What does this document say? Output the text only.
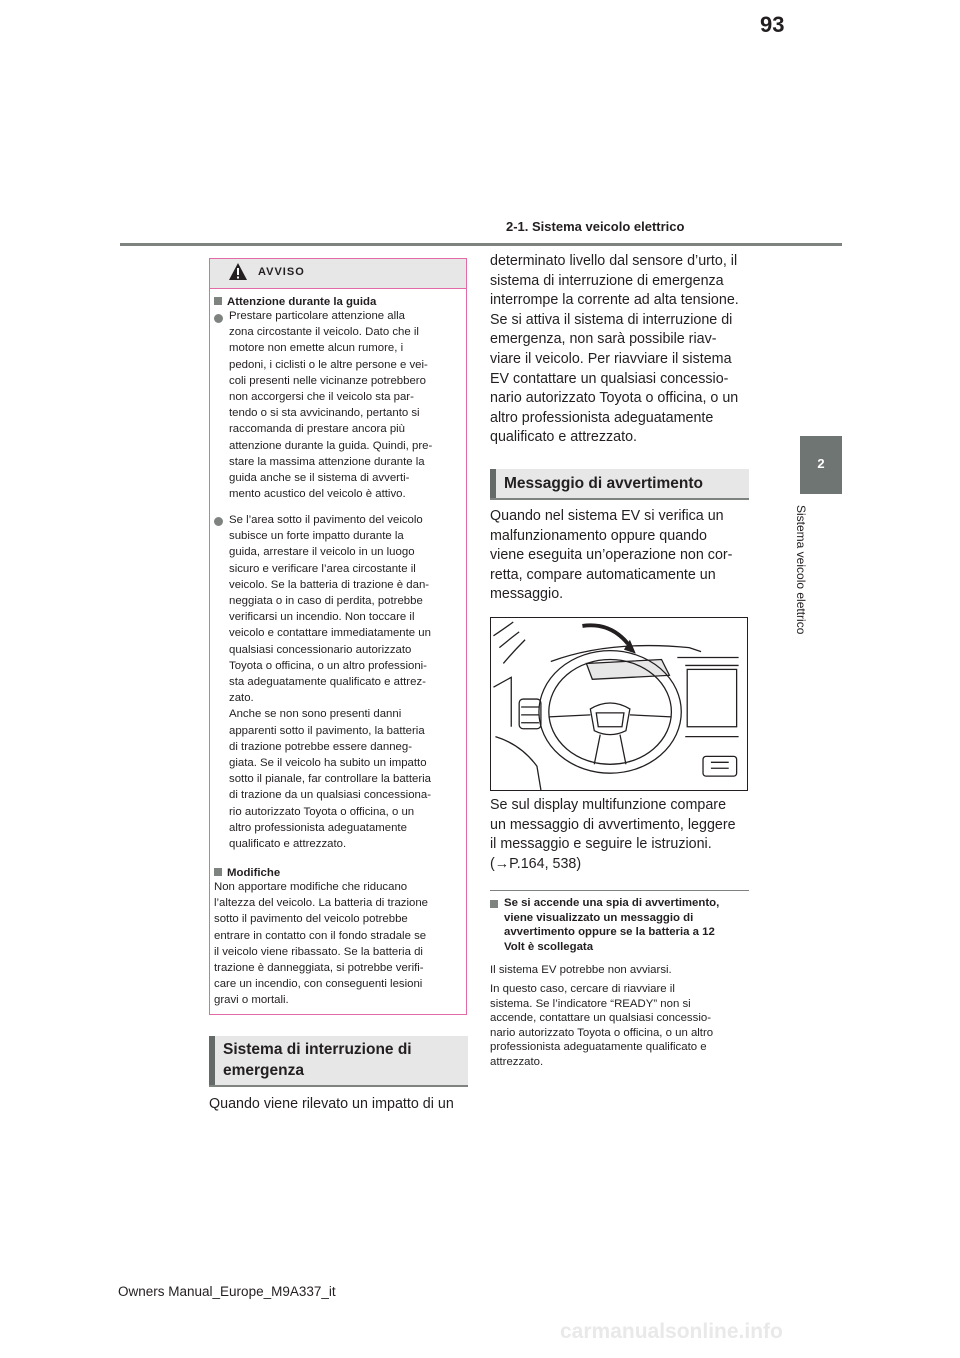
93
2-1. Sistema veicolo elettrico
2
Sistema veicolo elettrico
AVVISO
Attenzione durante la guida
Prestare particolare attenzione alla
zona circostante il veicolo. Dato che il
motore non emette alcun rumore, i
pedoni, i ciclisti o le altre persone e vei-
coli presenti nelle vicinanze potrebbero
non accorgersi che il veicolo sta par-
tendo o si sta avvicinando, pertanto si
raccomanda di prestare ancora più
attenzione durante la guida. Quindi, pre-
stare la massima attenzione durante la
guida anche se il sistema di avverti-
mento acustico del veicolo è attivo.
Se l’area sotto il pavimento del veicolo
subisce un forte impatto durante la
guida, arrestare il veicolo in un luogo
sicuro e verificare l’area circostante il
veicolo. Se la batteria di trazione è dan-
neggiata o in caso di perdita, potrebbe
verificarsi un incendio. Non toccare il
veicolo e contattare immediatamente un
qualsiasi concessionario autorizzato
Toyota o officina, o un altro professioni-
sta adeguatamente qualificato e attrez-
zato.
Anche se non sono presenti danni
apparenti sotto il pavimento, la batteria
di trazione potrebbe essere danneg-
giata. Se il veicolo ha subito un impatto
sotto il pianale, far controllare la batteria
di trazione da un qualsiasi concessiona-
rio autorizzato Toyota o officina, o un
altro professionista adeguatamente
qualificato e attrezzato.
Modifiche
Non apportare modifiche che riducano
l’altezza del veicolo. La batteria di trazione
sotto il pavimento del veicolo potrebbe
entrare in contatto con il fondo stradale se
il veicolo viene ribassato. Se la batteria di
trazione è danneggiata, si potrebbe verifi-
care un incendio, con conseguenti lesioni
gravi o mortali.
Sistema di interruzione di
emergenza
Quando viene rilevato un impatto di un
determinato livello dal sensore d’urto, il
sistema di interruzione di emergenza
interrompe la corrente ad alta tensione.
Se si attiva il sistema di interruzione di
emergenza, non sarà possibile riav-
viare il veicolo. Per riavviare il sistema
EV contattare un qualsiasi concessio-
nario autorizzato Toyota o officina, o un
altro professionista adeguatamente
qualificato e attrezzato.
Messaggio di avvertimento
Quando nel sistema EV si verifica un
malfunzionamento oppure quando
viene eseguita un’operazione non cor-
retta, compare automaticamente un
messaggio.
Se sul display multifunzione compare
un messaggio di avvertimento, leggere
il messaggio e seguire le istruzioni.
(→P.164, 538)
Se si accende una spia di avvertimento,
viene visualizzato un messaggio di
avvertimento oppure se la batteria a 12
Volt è scollegata
Il sistema EV potrebbe non avviarsi.
In questo caso, cercare di riavviare il
sistema. Se l’indicatore “READY” non si
accende, contattare un qualsiasi concessio-
nario autorizzato Toyota o officina, o un altro
professionista adeguatamente qualificato e
attrezzato.
Owners Manual_Europe_M9A337_it
carmanualsonline.info
